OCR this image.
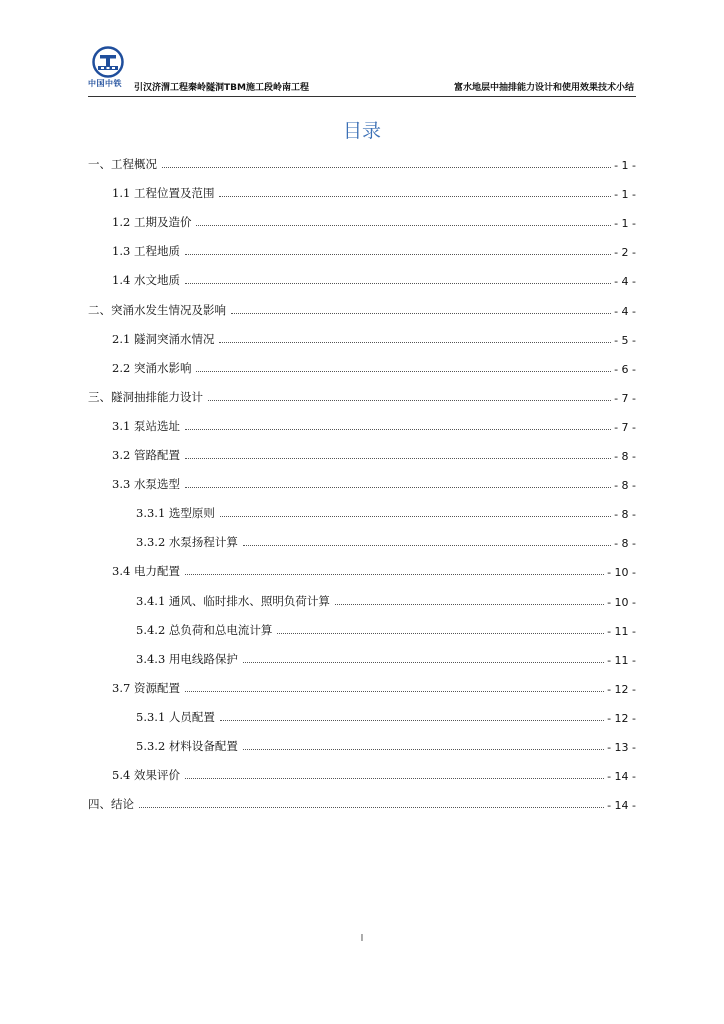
中国中铁 引汉济渭工程秦岭隧洞TBM施工段岭南工程	富水地层中抽排能力设计和使用效果技术小结
目录
一、工程概况	- 1 -
1.1 工程位置及范围	- 1 -
1.2 工期及造价	- 1 -
1.3 工程地质	- 2 -
1.4 水文地质	- 4 -
二、突涌水发生情况及影响	- 4 -
2.1 隧洞突涌水情况	- 5 -
2.2 突涌水影响	- 6 -
三、隧洞抽排能力设计	- 7 -
3.1 泵站选址	- 7 -
3.2 管路配置	- 8 -
3.3 水泵选型	- 8 -
3.3.1 选型原则	- 8 -
3.3.2 水泵扬程计算	- 8 -
3.4 电力配置	- 10 -
3.4.1 通风、临时排水、照明负荷计算	- 10 -
5.4.2 总负荷和总电流计算	- 11 -
3.4.3 用电线路保护	- 11 -
3.7 资源配置	- 12 -
5.3.1 人员配置	- 12 -
5.3.2 材料设备配置	- 13 -
5.4 效果评价	- 14 -
四、结论	- 14 -
I
